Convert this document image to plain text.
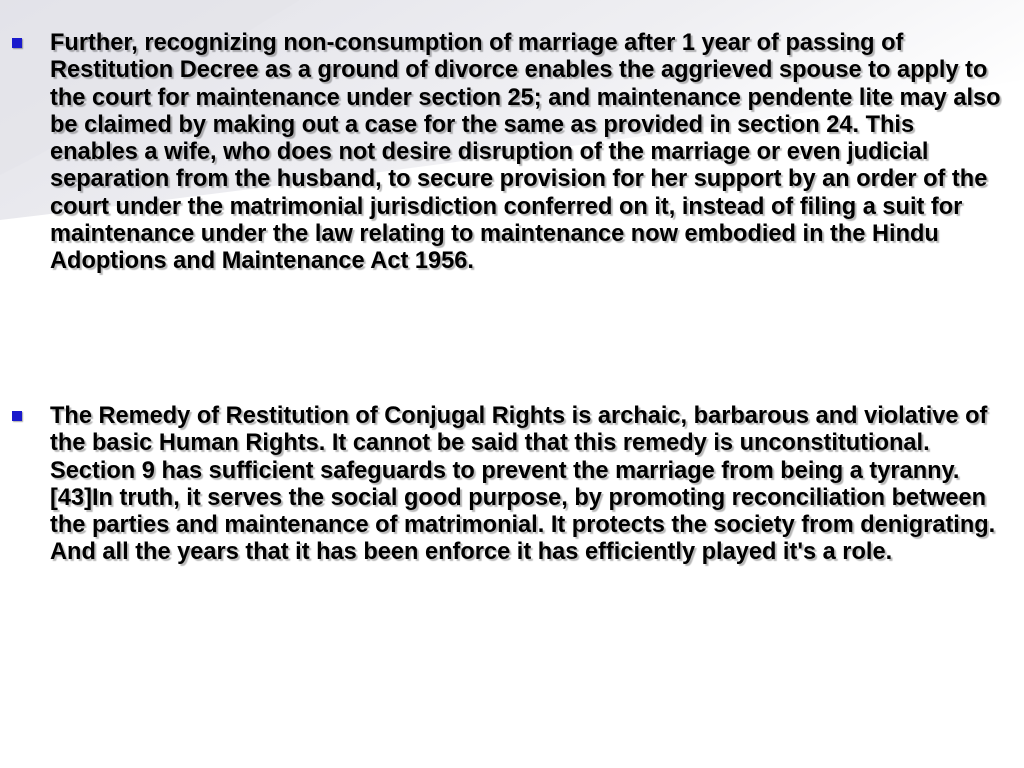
Further, recognizing non-consumption of marriage after 1 year of passing of Restitution Decree as a ground of divorce enables the aggrieved spouse to apply to the court for maintenance under section 25; and maintenance pendente lite may also be claimed by making out a case for the same as provided in section 24. This enables a wife, who does not desire disruption of the marriage or even judicial separation from the husband, to secure provision for her support by an order of the court under the matrimonial jurisdiction conferred on it, instead of filing a suit for maintenance under the law relating to maintenance now embodied in the Hindu Adoptions and Maintenance Act 1956.

The Remedy of Restitution of Conjugal Rights is archaic, barbarous and violative of the basic Human Rights. It cannot be said that this remedy is unconstitutional. Section 9 has sufficient safeguards to prevent the marriage from being a tyranny.[43]In truth, it serves the social good purpose, by promoting reconciliation between the parties and maintenance of matrimonial. It protects the society from denigrating. And all the years that it has been enforce it has efficiently played it's a role.
